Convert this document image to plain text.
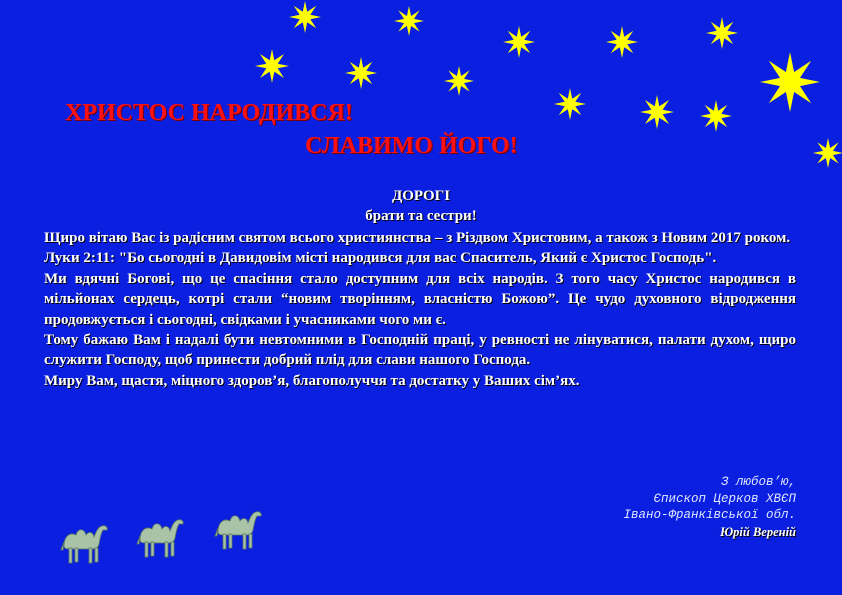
ХРИСТОС НАРОДИВСЯ!
СЛАВИМО ЙОГО!
ДОРОГІ
брати та сестри!

Щиро вітаю Вас із радісним святом всього християнства – з Різдвом Христовим, а також з Новим 2017 роком.

Луки 2:11: "Бо сьогодні в Давидовім місті народився для вас Спаситель, Який є Христос Господь".

Ми вдячні Богові, що це спасіння стало доступним для всіх народів. З того часу Христос народився в мільйонах сердець, котрі стали “новим творінням, власністю Божою”. Це чудо духовного відродження продовжується і сьогодні, свідками і учасниками чого ми є.

Тому бажаю Вам і надалі бути невтомними в Господній праці, у ревності не лінуватися, палати духом, щиро служити Господу, щоб принести добрий плід для слави нашого Господа.

Миру Вам, щастя, міцного здоров’я, благополуччя та достатку у Ваших сім’ях.

З любов’ю,
Єпископ Церков ХВЄП
Івано-Франківської обл.
Юрій Вереній
